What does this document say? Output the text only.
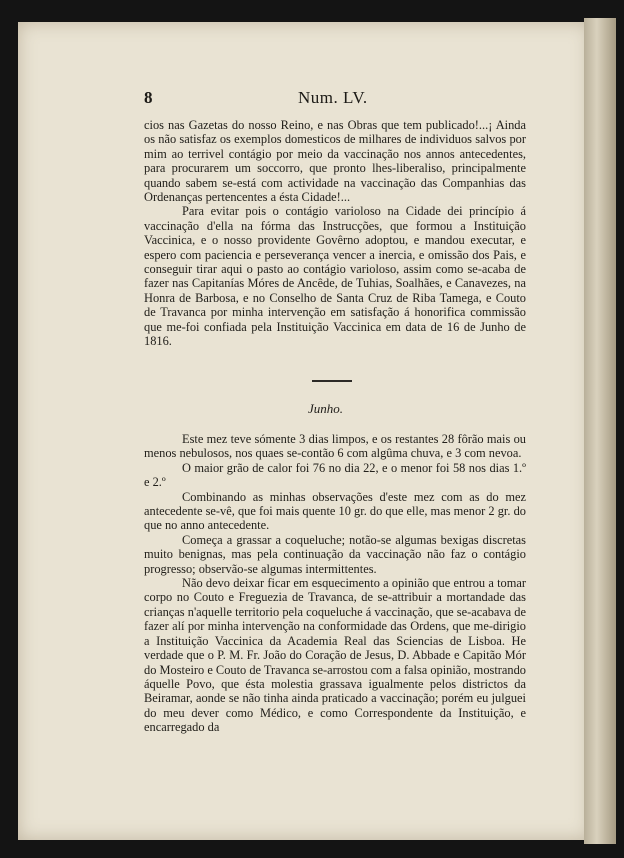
8	Num. LV.

cios nas Gazetas do nosso Reino, e nas Obras que tem publicado!...¡ Ainda os não satisfaz os exemplos domesticos de milhares de individuos salvos por mim ao terrivel contágio por meio da vaccinação nos annos antecedentes, para procurarem um soccorro, que pronto lhes-liberaliso, principalmente quando sabem se-está com actividade na vaccinação das Companhias das Ordenanças pertencentes a ésta Cidade!...

Para evitar pois o contágio varioloso na Cidade dei princípio á vaccinação d'ella na fórma das Instrucções, que formou a Instituição Vaccinica, e o nosso providente Govêrno adoptou, e mandou executar, e espero com paciencia e perseverança vencer a inercia, e omissão dos Pais, e conseguir tirar aqui o pasto ao contágio varioloso, assim como se-acaba de fazer nas Capitanías Móres de Ancêde, de Tuhias, Soalhães, e Canavezes, na Honra de Barbosa, e no Conselho de Santa Cruz de Riba Tamega, e Couto de Travanca por minha intervenção em satisfação á honorifica commissão que me-foi confiada pela Instituição Vaccinica em data de 16 de Junho de 1816.

Junho.

Este mez teve sómente 3 dias limpos, e os restantes 28 fôrão mais ou menos nebulosos, nos quaes se-contão 6 com algûma chuva, e 3 com nevoa.

O maior grão de calor foi 76 no dia 22, e o menor foi 58 nos dias 1.º e 2.º

Combinando as minhas observações d'este mez com as do mez antecedente se-vê, que foi mais quente 10 gr. do que elle, mas menor 2 gr. do que no anno antecedente.

Começa a grassar a coqueluche; notão-se algumas bexigas discretas muito benignas, mas pela continuação da vaccinação não faz o contágio progresso; observão-se algumas intermittentes.

Não devo deixar ficar em esquecimento a opinião que entrou a tomar corpo no Couto e Freguezia de Travanca, de se-attribuir a mortandade das crianças n'aquelle territorio pela coqueluche á vaccinação, que se-acabava de fazer alí por minha intervenção na conformidade das Ordens, que me-dirigio a Instituição Vaccinica da Academia Real das Sciencias de Lisboa. He verdade que o P. M. Fr. João do Coração de Jesus, D. Abbade e Capitão Mór do Mosteiro e Couto de Travanca se-arrostou com a falsa opinião, mostrando áquelle Povo, que ésta molestia grassava igualmente pelos districtos da Beiramar, aonde se não tinha ainda praticado a vaccinação; porém eu julguei do meu dever como Médico, e como Correspondente da Instituição, e encarregado da
